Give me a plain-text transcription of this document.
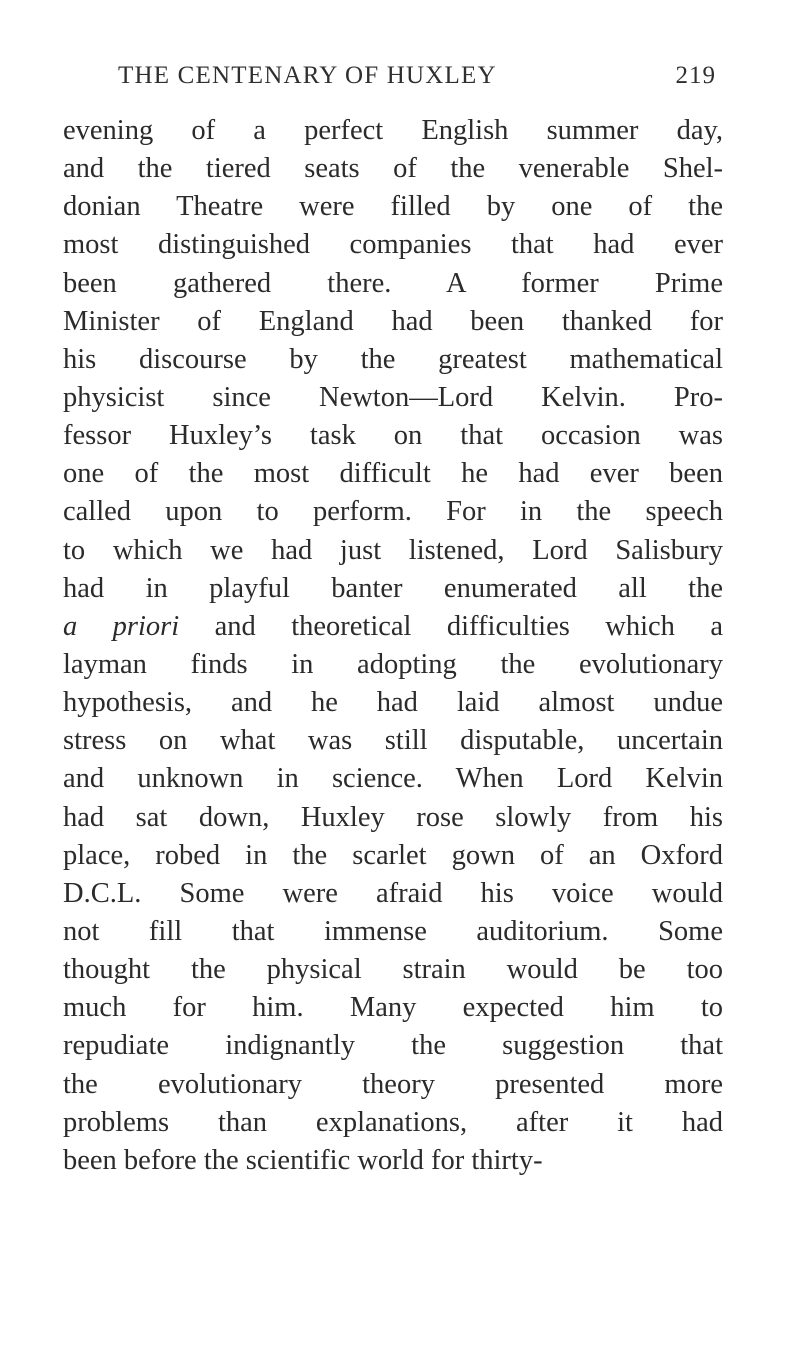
THE CENTENARY OF HUXLEY	219
evening of a perfect English summer day,
and the tiered seats of the venerable Shel-
donian Theatre were filled by one of the
most distinguished companies that had ever
been gathered there. A former Prime
Minister of England had been thanked for
his discourse by the greatest mathematical
physicist since Newton—Lord Kelvin. Pro-
fessor Huxley’s task on that occasion was
one of the most difficult he had ever been
called upon to perform. For in the speech
to which we had just listened, Lord Salisbury
had in playful banter enumerated all the
a priori and theoretical difficulties which a
layman finds in adopting the evolutionary
hypothesis, and he had laid almost undue
stress on what was still disputable, uncertain
and unknown in science. When Lord Kelvin
had sat down, Huxley rose slowly from his
place, robed in the scarlet gown of an Oxford
D.C.L. Some were afraid his voice would
not fill that immense auditorium. Some
thought the physical strain would be too
much for him. Many expected him to
repudiate indignantly the suggestion that
the evolutionary theory presented more
problems than explanations, after it had
been before the scientific world for thirty-
